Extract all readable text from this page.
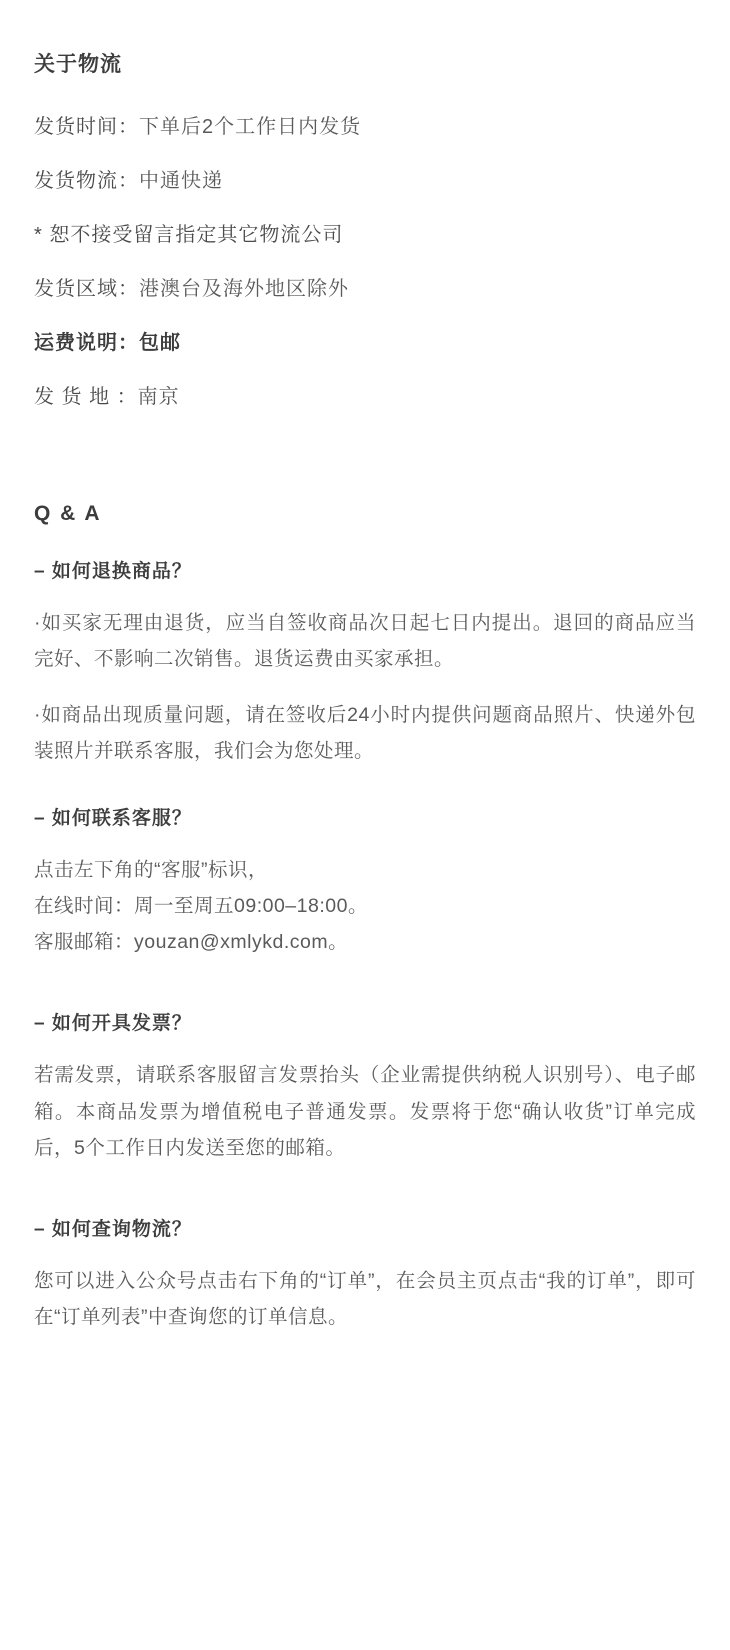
关于物流
发货时间：下单后2个工作日内发货
发货物流：中通快递
* 恕不接受留言指定其它物流公司
发货区域：港澳台及海外地区除外
运费说明：包邮
发 货 地 ：南京
Q & A
– 如何退换商品？

·如买家无理由退货，应当自签收商品次日起七日内提出。退回的商品应当完好、不影响二次销售。退货运费由买家承担。

·如商品出现质量问题，请在签收后24小时内提供问题商品照片、快递外包装照片并联系客服，我们会为您处理。

– 如何联系客服？

点击左下角的“客服”标识，

在线时间：周一至周五09:00–18:00。

客服邮箱：youzan@xmlykd.com。

– 如何开具发票？

若需发票，请联系客服留言发票抬头（企业需提供纳税人识别号）、电子邮箱。本商品发票为增值税电子普通发票。发票将于您“确认收货”订单完成后，5个工作日内发送至您的邮箱。

– 如何查询物流？

您可以进入公众号点击右下角的“订单”，在会员主页点击“我的订单”，即可在“订单列表”中查询您的订单信息。
